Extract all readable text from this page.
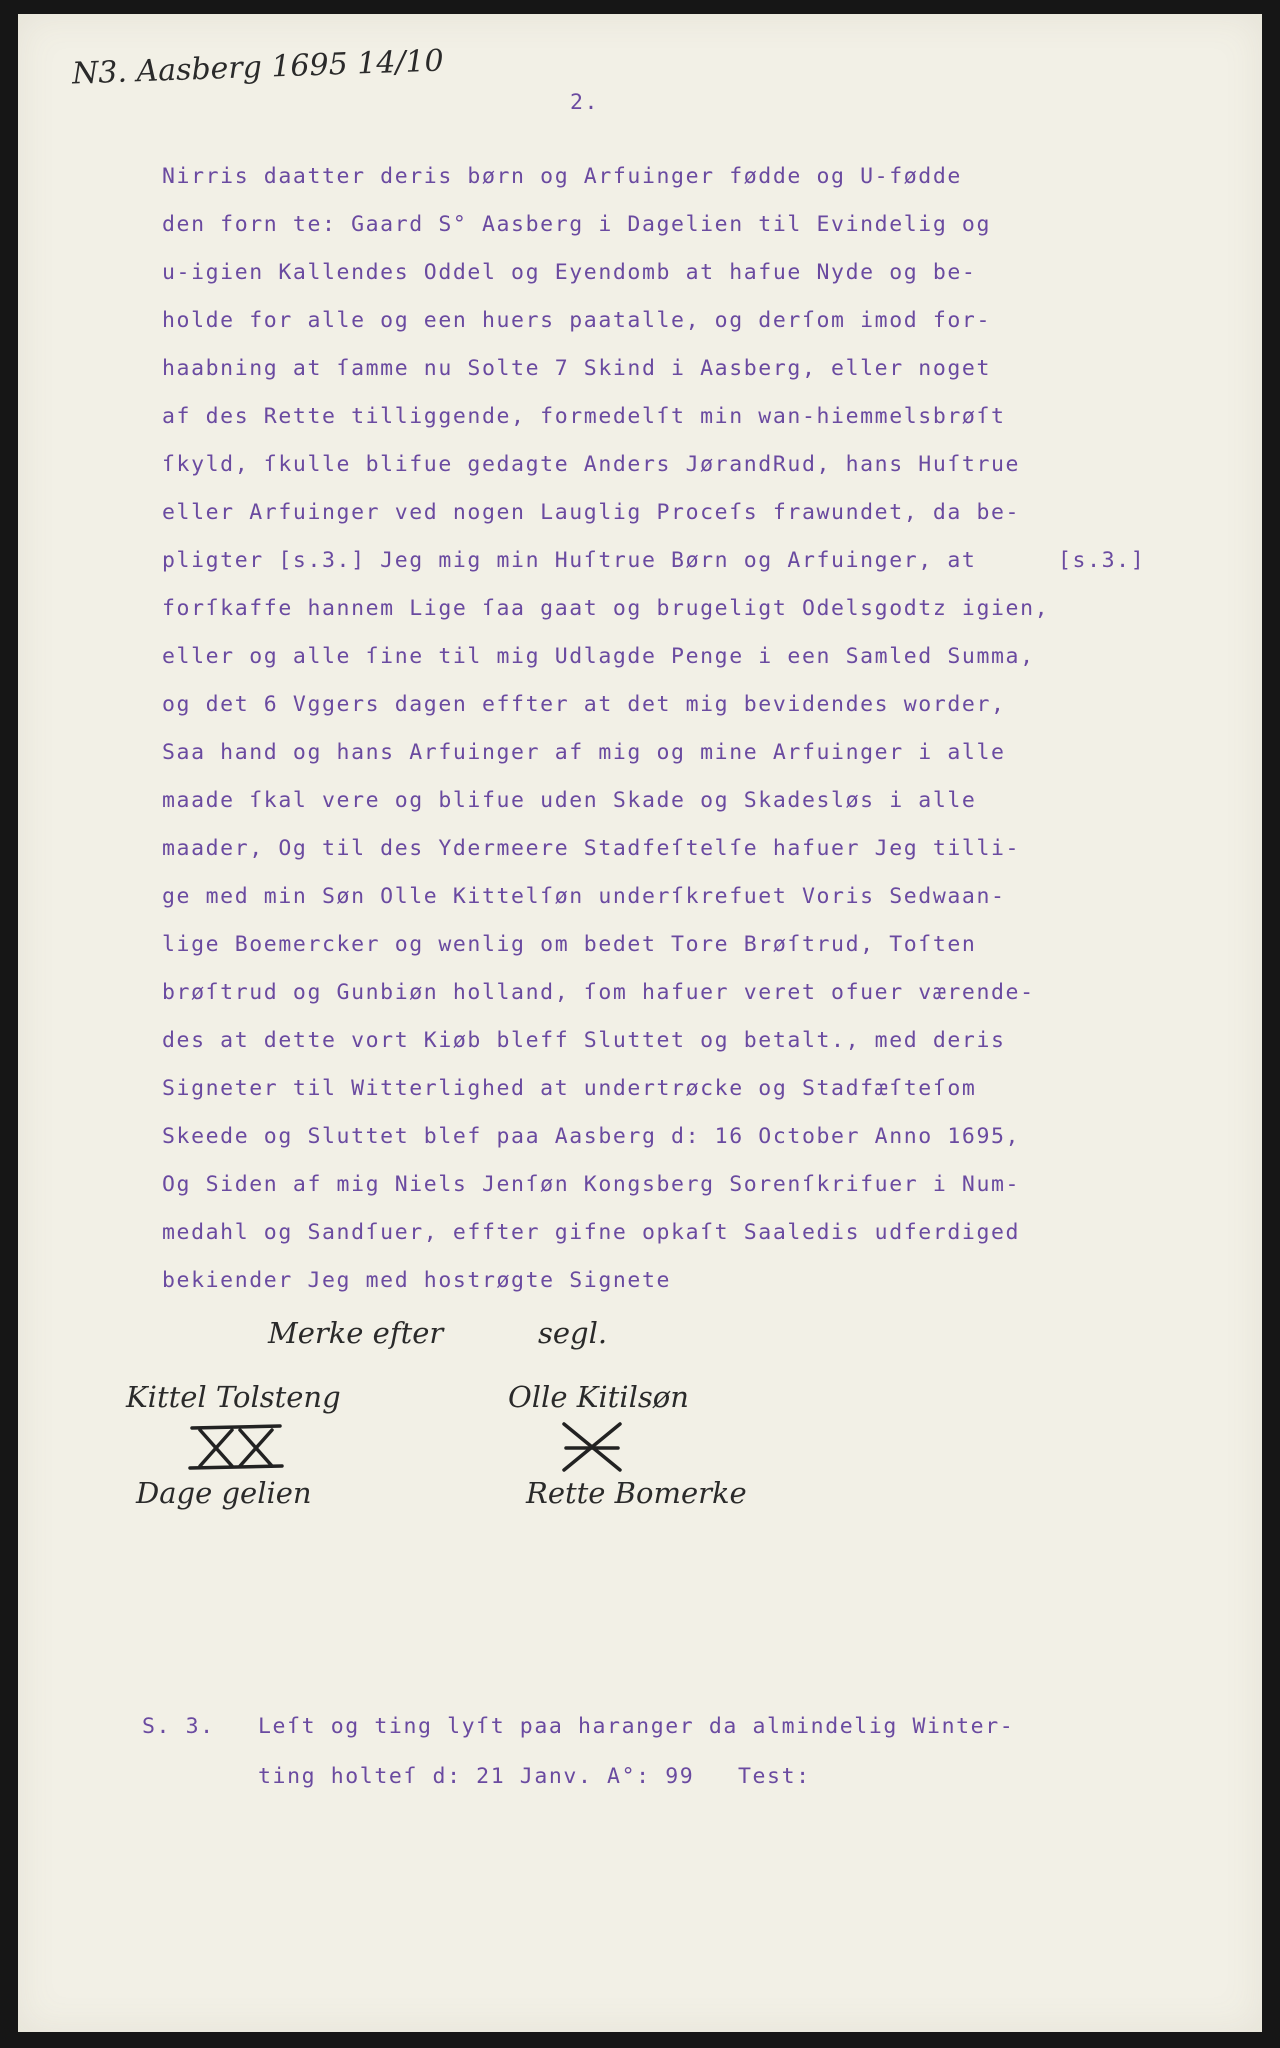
N3. Aasberg 1695 14/10
2.
Nirris daatter deris børn og Arfuinger fødde og U-fødde
den forn te: Gaard S° Aasberg i Dagelien til Evindelig og
u-igien Kallendes Oddel og Eyendomb at hafue Nyde og be-
holde for alle og een huers paatalle, og derſom imod for-
haabning at ſamme nu Solte 7 Skind i Aasberg, eller noget
af des Rette tilliggende, formedelſt min wan-hiemmelsbrøſt
ſkyld, ſkulle blifue gedagte Anders JørandRud, hans Huſtrue
eller Arfuinger ved nogen Lauglig Proceſs frawundet, da be-
pligter [s.3.] Jeg mig min Huſtrue Børn og Arfuinger, at
forſkaffe hannem Lige ſaa gaat og brugeligt Odelsgodtz igien,
eller og alle ſine til mig Udlagde Penge i een Samled Summa,
og det 6 Vggers dagen effter at det mig bevidendes worder,
Saa hand og hans Arfuinger af mig og mine Arfuinger i alle
maade ſkal vere og blifue uden Skade og Skadesløs i alle
maader, Og til des Ydermeere Stadfeſtelſe hafuer Jeg tilli-
ge med min Søn Olle Kittelſøn underſkrefuet Voris Sedwaan-
lige Boemercker og wenlig om bedet Tore Brøſtrud, Toſten
brøſtrud og Gunbiøn holland, ſom hafuer veret ofuer værende-
des at dette vort Kiøb bleff Sluttet og betalt., med deris
Signeter til Witterlighed at undertrøcke og Stadfæſteſom
Skeede og Sluttet blef paa Aasberg d: 16 October Anno 1695,
Og Siden af mig Niels Jenſøn Kongsberg Sorenſkrifuer i Num-
medahl og Sandſuer, effter gifne opkaſt Saaledis udferdiged
bekiender Jeg med hostrøgte Signete
[s.3.]
Merke efter	segl.
Kittel Tolsteng	Olle Kitilsøn
Dage gelien	Rette Bomerke
S. 3. Leſt og ting lyſt paa haranger da almindelig Winter-
ting holteſ d: 21 Janv. A°: 99   Test:
